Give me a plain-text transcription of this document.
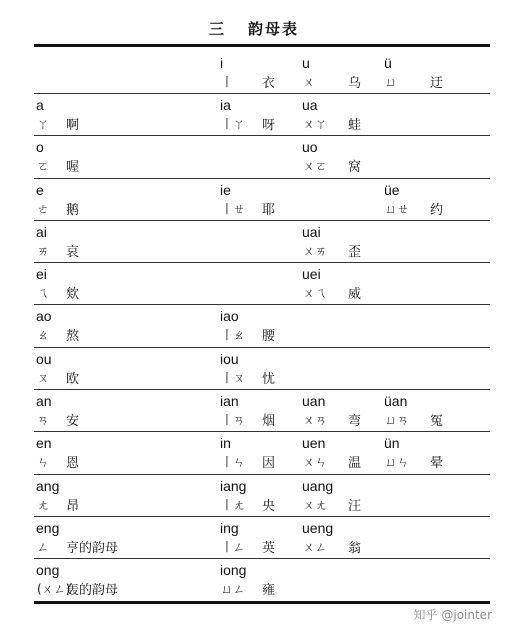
三 韵母表
i
丨 衣
u
ㄨ	乌
ü
ㄩ	迂
a
ㄚ 啊
ia
丨ㄚ 呀
ua
ㄨㄚ 蛙
o
ㄛ 喔
uo
ㄨㄛ 窝
e
ㄜ 鹅
ie
丨ㄝ 耶
üe
ㄩㄝ 约
ai
ㄞ 哀
uai
ㄨㄞ 歪
ei
ㄟ 欸
uei
ㄨㄟ 威
ao
ㄠ 熬
iao
丨ㄠ 腰
ou
ㄡ 欧
iou
丨ㄡ 忧
an
ㄢ 安
ian
丨ㄢ 烟
uan
ㄨㄢ 弯
üan
ㄩㄢ 冤
en
ㄣ 恩
in
丨ㄣ 因
uen
ㄨㄣ 温
ün
ㄩㄣ 晕
ang
ㄤ 昂
iang
丨ㄤ 央
uang
ㄨㄤ 汪
eng
ㄥ 亨的韵母
ing
丨ㄥ 英
ueng
ㄨㄥ 翁
ong
(ㄨㄥ)
轰的韵母
iong
ㄩㄥ 雍
知乎 @jointer
